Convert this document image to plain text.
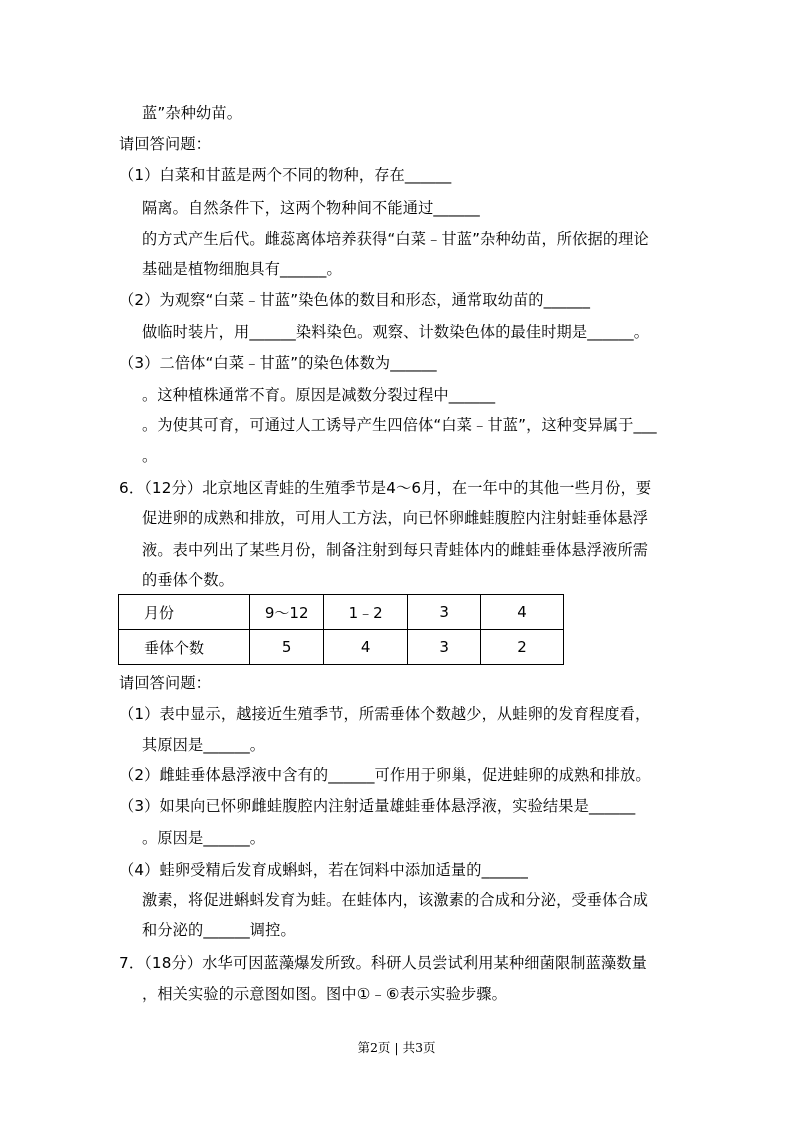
蓝”杂种幼苗。
请回答问题：
（1）白菜和甘蓝是两个不同的物种，存在______
隔离。自然条件下，这两个物种间不能通过______
的方式产生后代。雌蕊离体培养获得“白菜﹣甘蓝”杂种幼苗，所依据的理论
基础是植物细胞具有______。
（2）为观察“白菜﹣甘蓝”染色体的数目和形态，通常取幼苗的______
做临时装片，用______染料染色。观察、计数染色体的最佳时期是______。
（3）二倍体“白菜﹣甘蓝”的染色体数为______
。这种植株通常不育。原因是减数分裂过程中______
。为使其可育，可通过人工诱导产生四倍体“白菜﹣甘蓝”，这种变异属于___
。
6．（12分）北京地区青蛙的生殖季节是4～6月，在一年中的其他一些月份，要
促进卵的成熟和排放，可用人工方法，向已怀卵雌蛙腹腔内注射蛙垂体悬浮
液。表中列出了某些月份，制备注射到每只青蛙体内的雌蛙垂体悬浮液所需
的垂体个数。
月份	9～12	1﹣2	3	4
垂体个数	5	4	3	2
请回答问题：
（1）表中显示，越接近生殖季节，所需垂体个数越少，从蛙卵的发育程度看，
其原因是______。
（2）雌蛙垂体悬浮液中含有的______可作用于卵巢，促进蛙卵的成熟和排放。
（3）如果向已怀卵雌蛙腹腔内注射适量雄蛙垂体悬浮液，实验结果是______
。原因是______。
（4）蛙卵受精后发育成蝌蚪，若在饲料中添加适量的______
激素，将促进蝌蚪发育为蛙。在蛙体内，该激素的合成和分泌，受垂体合成
和分泌的______调控。
7．（18分）水华可因蓝藻爆发所致。科研人员尝试利用某种细菌限制蓝藻数量
，相关实验的示意图如图。图中①﹣⑥表示实验步骤。
第2页 | 共3页
